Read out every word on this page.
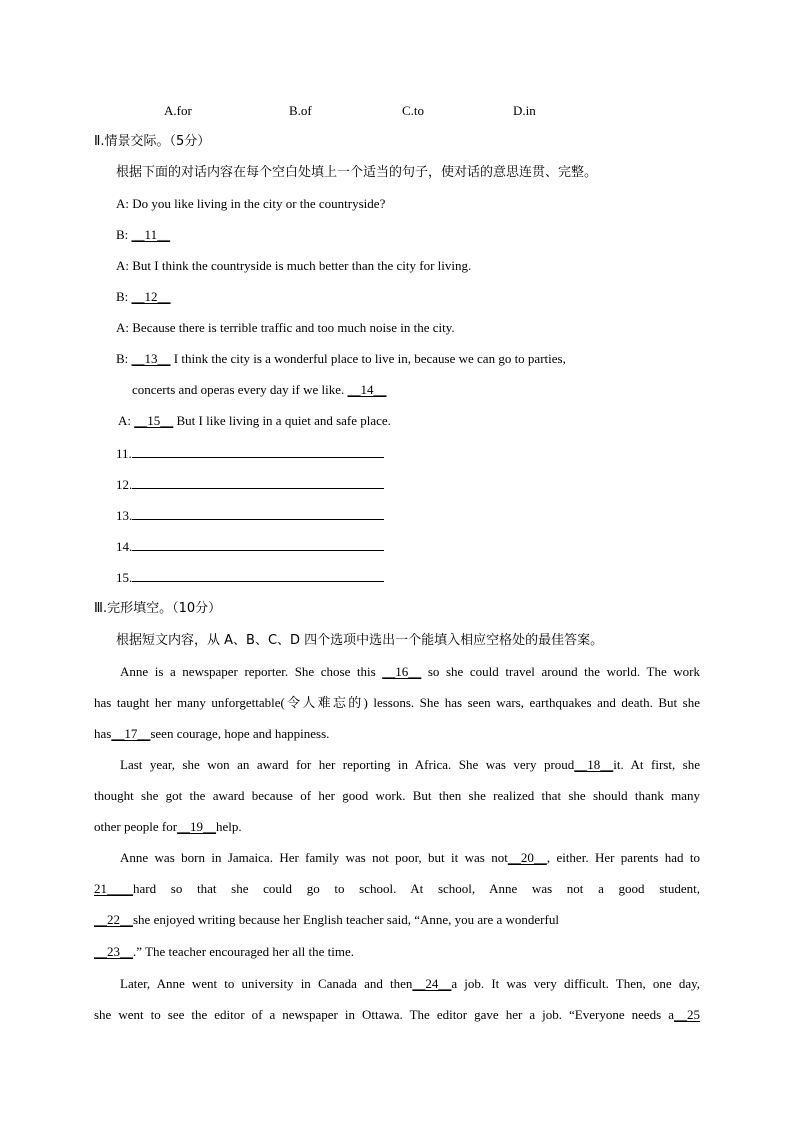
A.for	B.of	C.to	D.in
Ⅱ.情景交际。（5分）
根据下面的对话内容在每个空白处填上一个适当的句子，使对话的意思连贯、完整。
A: Do you like living in the city or the countryside?
B: __11__
A: But I think the countryside is much better than the city for living.
B: __12__
A: Because there is terrible traffic and too much noise in the city.
B: __13__ I think the city is a wonderful place to live in, because we can go to parties,
concerts and operas every day if we like. __14__
A: __15__ But I like living in a quiet and safe place.
11.
12.
13.
14.
15.
Ⅲ.完形填空。（10分）
根据短文内容，从 A、B、C、D 四个选项中选出一个能填入相应空格处的最佳答案。
Anne is a newspaper reporter. She chose this __16__ so she could travel around the world. The work
has taught her many unforgettable(令人难忘的) lessons. She has seen wars, earthquakes and death. But she
has__17__seen courage, hope and happiness.
Last year, she won an award for her reporting in Africa. She was very proud__18__it. At first, she
thought she got the award because of her good work. But then she realized that she should thank many
other people for__19__help.
Anne was born in Jamaica. Her family was not poor, but it was not__20__, either. Her parents had to
21____hard so that she could go to school. At school, Anne was not a good student,
__22__she enjoyed writing because her English teacher said, “Anne, you are a wonderful
__23__.” The teacher encouraged her all the time.
Later, Anne went to university in Canada and then__24__a job. It was very difficult. Then, one day,
she went to see the editor of a newspaper in Ottawa. The editor gave her a job. “Everyone needs a__25
